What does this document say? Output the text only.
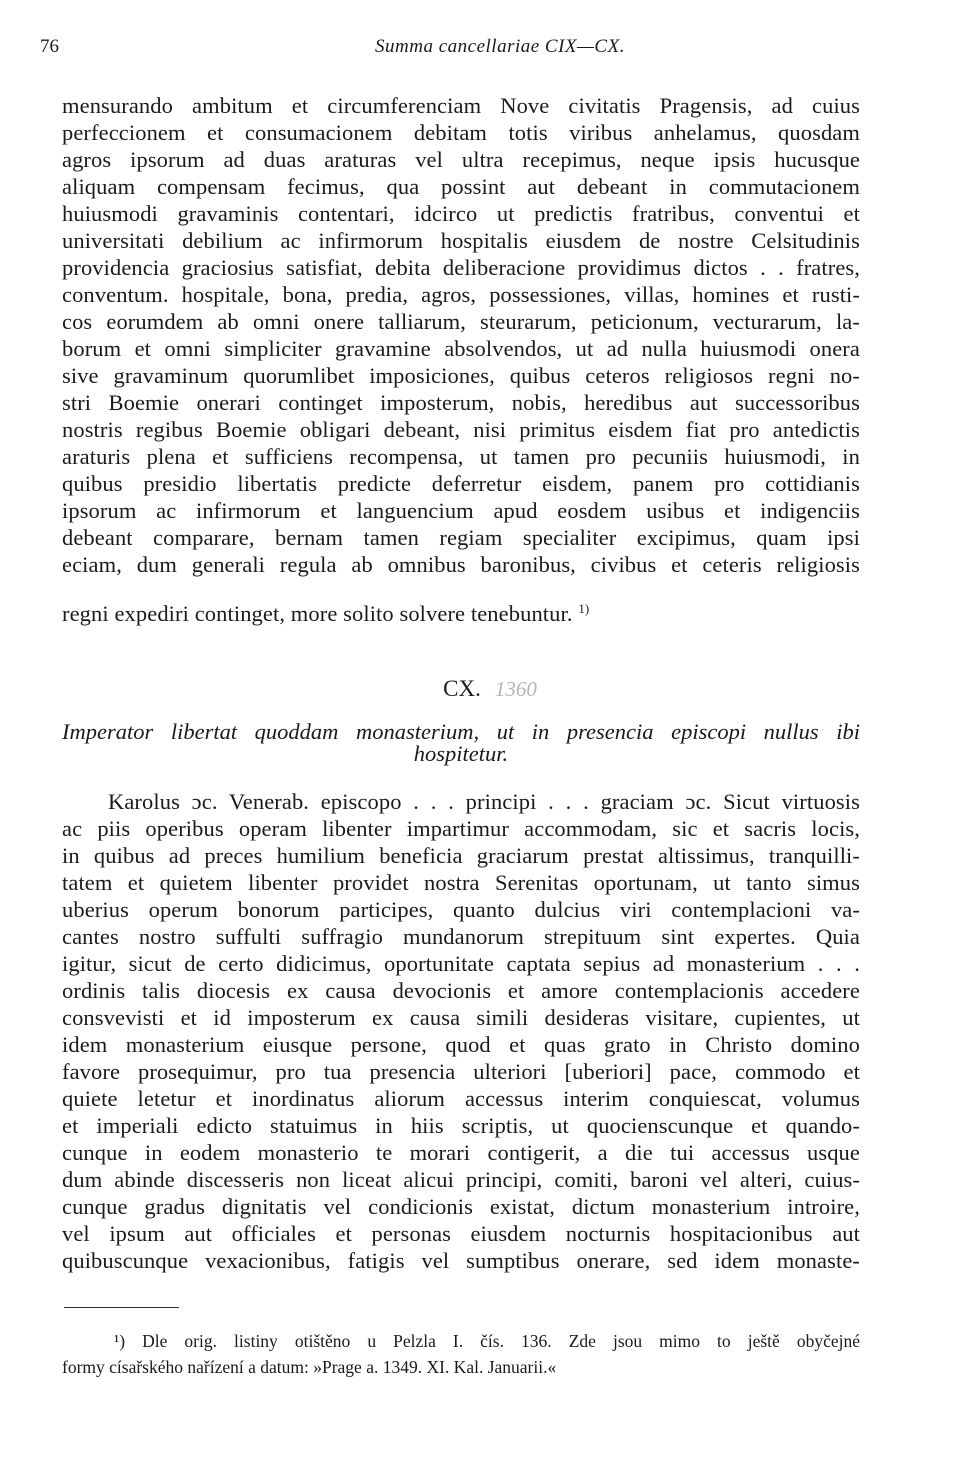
76	Summa cancellariae CIX—CX.
mensurando ambitum et circumferenciam Nove civitatis Pragensis, ad cuius
perfeccionem et consumacionem debitam totis viribus anhelamus, quosdam
agros ipsorum ad duas araturas vel ultra recepimus, neque ipsis hucusque
aliquam compensam fecimus, qua possint aut debeant in commutacionem
huiusmodi gravaminis contentari, idcirco ut predictis fratribus, conventui et
universitati debilium ac infirmorum hospitalis eiusdem de nostre Celsitudinis
providencia graciosius satisfiat, debita deliberacione providimus dictos . . fratres,
conventum. hospitale, bona, predia, agros, possessiones, villas, homines et rusti-
cos eorumdem ab omni onere talliarum, steurarum, peticionum, vecturarum, la-
borum et omni simpliciter gravamine absolvendos, ut ad nulla huiusmodi onera
sive gravaminum quorumlibet imposiciones, quibus ceteros religiosos regni no-
stri Boemie onerari continget imposterum, nobis, heredibus aut successoribus
nostris regibus Boemie obligari debeant, nisi primitus eisdem fiat pro antedictis
araturis plena et sufficiens recompensa, ut tamen pro pecuniis huiusmodi, in
quibus presidio libertatis predicte deferretur eisdem, panem pro cottidianis
ipsorum ac infirmorum et languencium apud eosdem usibus et indigenciis
debeant comparare, bernam tamen regiam specialiter excipimus, quam ipsi
eciam, dum generali regula ab omnibus baronibus, civibus et ceteris religiosis
regni expediri continget, more solito solvere tenebuntur. $^{1)}$
CX. 1360
Imperator libertat quoddam monasterium, ut in presencia episcopi nullus ibi
hospitetur.
Karolus ɔc. Venerab. episcopo . . . principi . . . graciam ɔc. Sicut virtuosis
ac piis operibus operam libenter impartimur accommodam, sic et sacris locis,
in quibus ad preces humilium beneficia graciarum prestat altissimus, tranquilli-
tatem et quietem libenter providet nostra Serenitas oportunam, ut tanto simus
uberius operum bonorum participes, quanto dulcius viri contemplacioni va-
cantes nostro suffulti suffragio mundanorum strepituum sint expertes. Quia
igitur, sicut de certo didicimus, oportunitate captata sepius ad monasterium . . .
ordinis talis diocesis ex causa devocionis et amore contemplacionis accedere
consvevisti et id imposterum ex causa simili desideras visitare, cupientes, ut
idem monasterium eiusque persone, quod et quas grato in Christo domino
favore prosequimur, pro tua presencia ulteriori [uberiori] pace, commodo et
quiete letetur et inordinatus aliorum accessus interim conquiescat, volumus
et imperiali edicto statuimus in hiis scriptis, ut quocienscunque et quando-
cunque in eodem monasterio te morari contigerit, a die tui accessus usque
dum abinde discesseris non liceat alicui principi, comiti, baroni vel alteri, cuius-
cunque gradus dignitatis vel condicionis existat, dictum monasterium introire,
vel ipsum aut officiales et personas eiusdem nocturnis hospitacionibus aut
quibuscunque vexacionibus, fatigis vel sumptibus onerare, sed idem monaste-
¹) Dle orig. listiny otištěno u Pelzla I. čís. 136. Zde jsou mimo to ještě obyčejné
formy císařského nařízení a datum: »Prage a. 1349. XI. Kal. Januarii.«
